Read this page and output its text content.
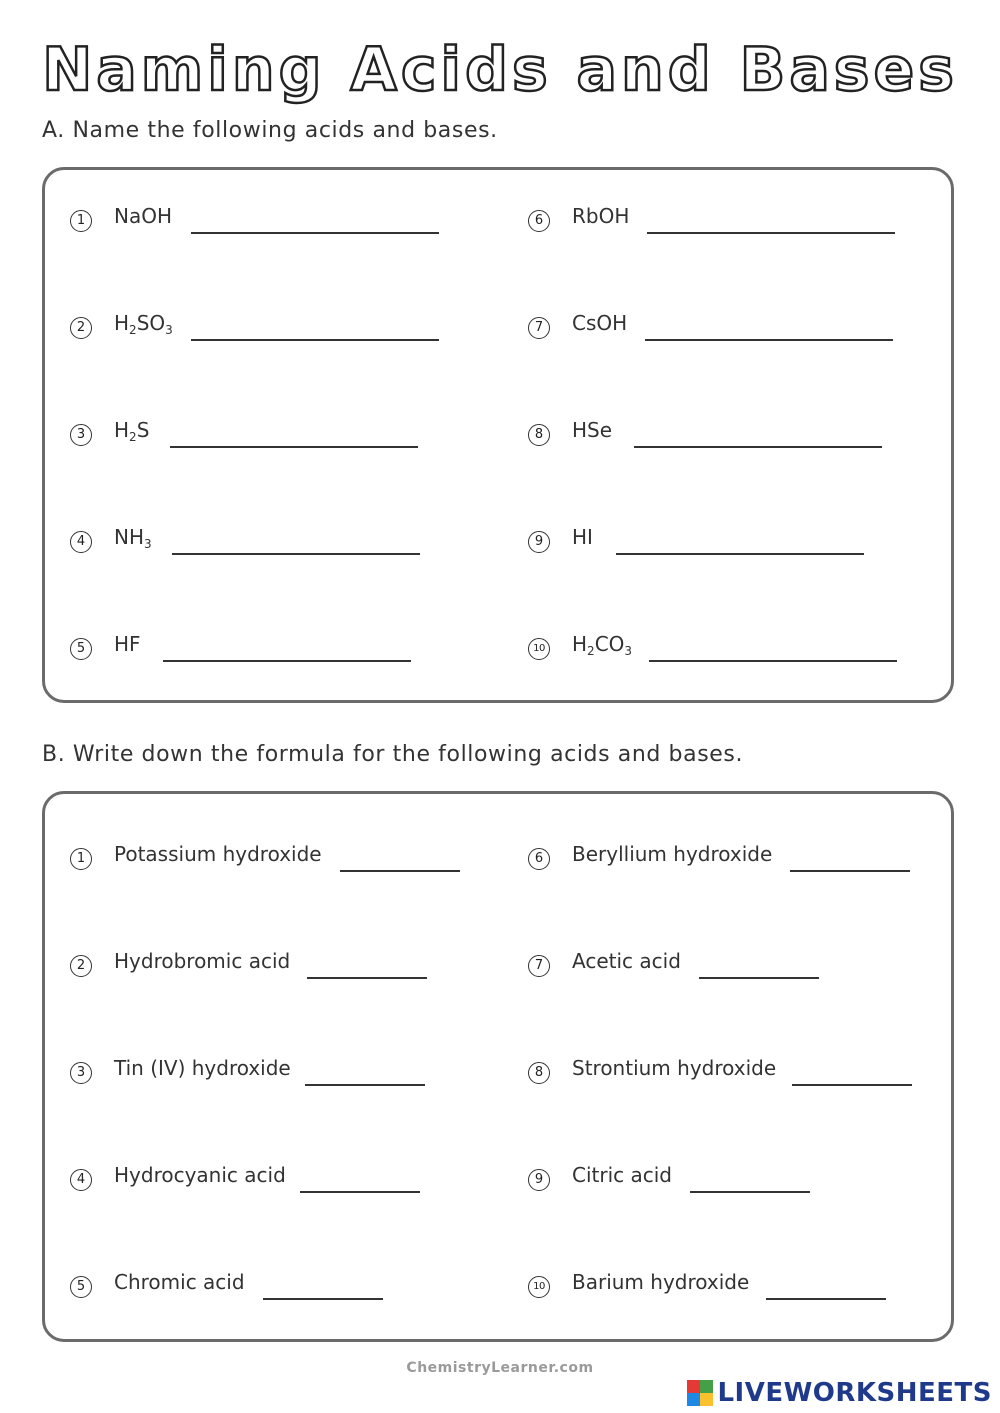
Naming Acids and Bases
A. Name the following acids and bases.
1	NaOH
2	$H_2SO_3$
3	$H_2S$
4	$NH_3$
5	HF
6	RbOH
7	CsOH
8	HSe
9	HI
10 $H_2CO_3$
B. Write down the formula for the following acids and bases.
1	Potassium hydroxide
2	Hydrobromic acid
3	Tin (IV) hydroxide
4	Hydrocyanic acid
5	Chromic acid
6	Beryllium hydroxide
7	Acetic acid
8	Strontium hydroxide
9	Citric acid
10 Barium hydroxide
ChemistryLearner.com
LIVEWORKSHEETS
